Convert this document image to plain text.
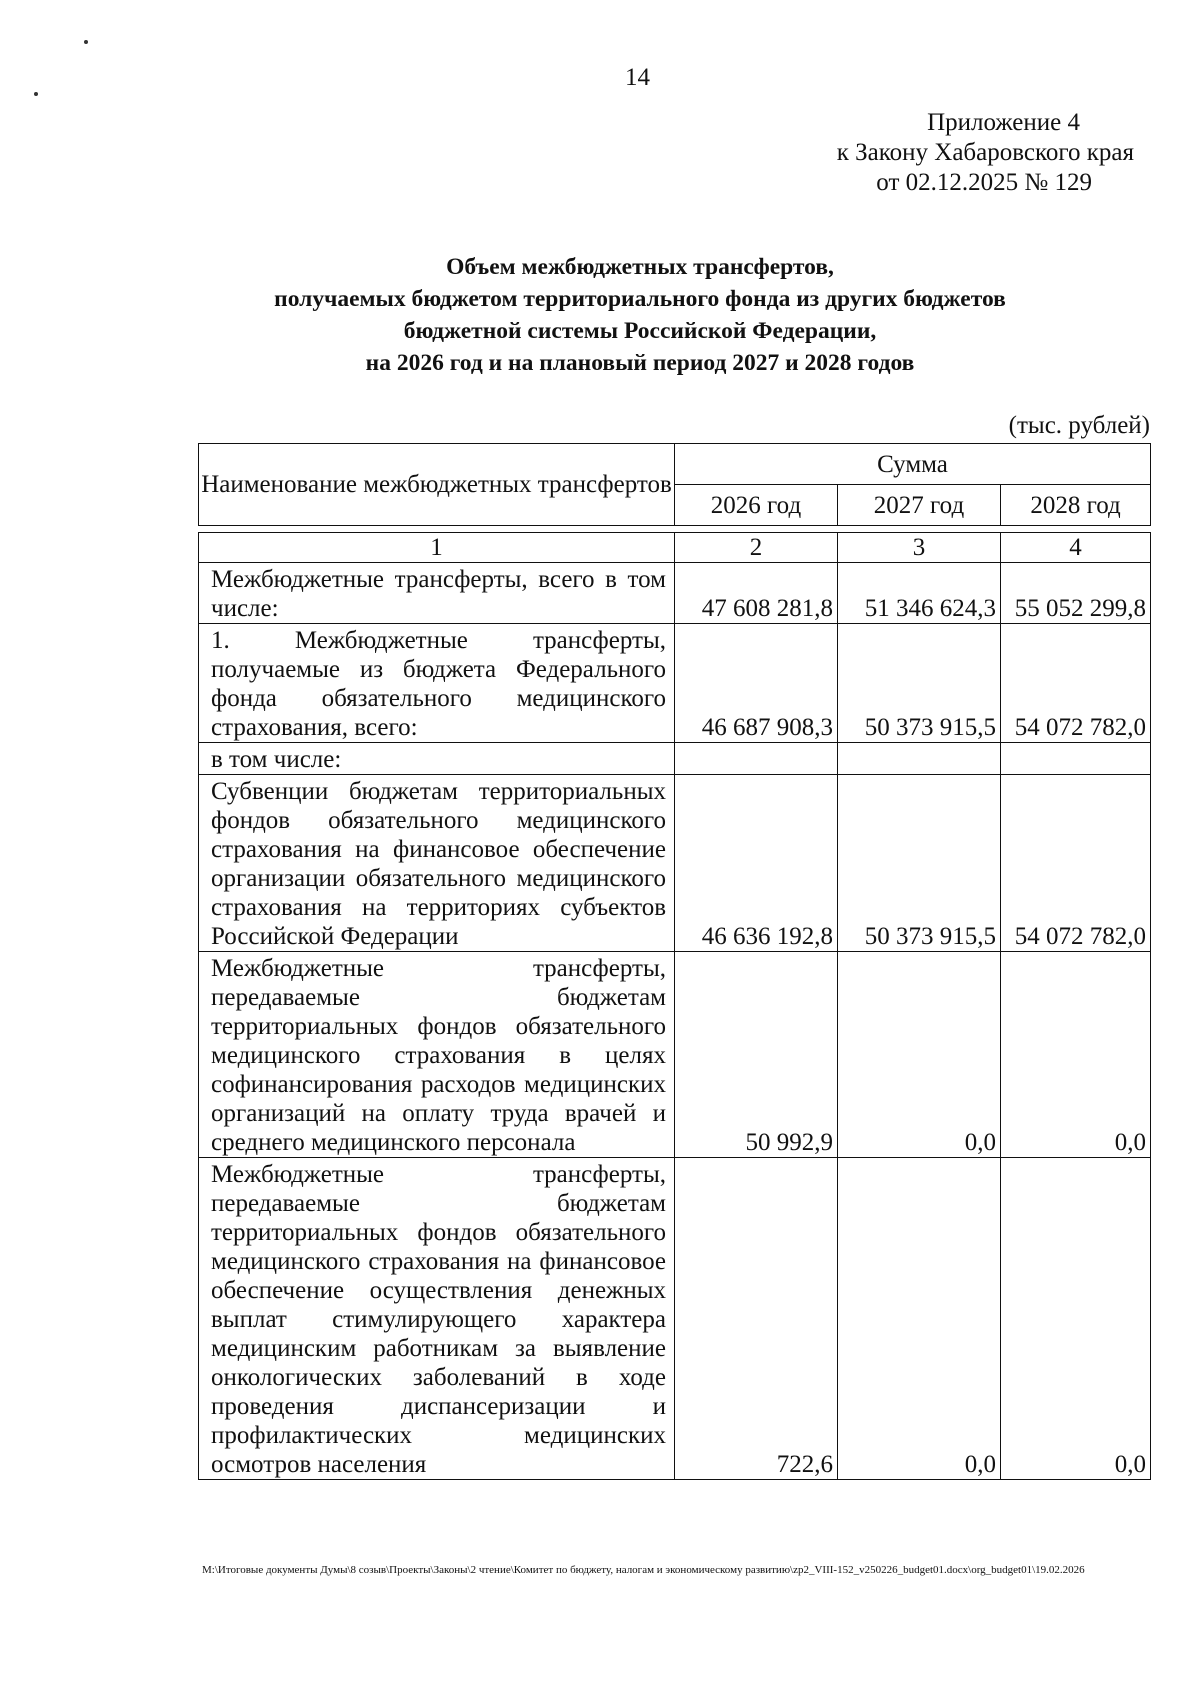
14
Приложение 4
к Закону Хабаровского края
от 02.12.2025 № 129
Объем межбюджетных трансфертов,
получаемых бюджетом территориального фонда из других бюджетов
бюджетной системы Российской Федерации,
на 2026 год и на плановый период 2027 и 2028 годов
(тыс. рублей)
Наименование межбюджетных трансфертов	Сумма		
	2026 год	2027 год	2028 год

1	2	3	4
Межбюджетные трансферты, всего в том числе:	47 608 281,8	51 346 624,3	55 052 299,8
1. Межбюджетные трансферты, получаемые из бюджета Федерального фонда обязательного медицинского страхования, всего:	46 687 908,3	50 373 915,5	54 072 782,0
в том числе:			
Субвенции бюджетам территориальных фондов обязательного медицинского страхования на финансовое обеспечение организации обязательного медицинского страхования на территориях субъектов Российской Федерации	46 636 192,8	50 373 915,5	54 072 782,0
Межбюджетные трансферты, передаваемые бюджетам территориальных фондов обязательного медицинского страхования в целях софинансирования расходов медицинских организаций на оплату труда врачей и среднего медицинского персонала	50 992,9	0,0	0,0
Межбюджетные трансферты, передаваемые бюджетам территориальных фондов обязательного медицинского страхования на финансовое обеспечение осуществления денежных выплат стимулирующего характера медицинским работникам за выявление онкологических заболеваний в ходе проведения диспансеризации и профилактических медицинских осмотров населения	722,6	0,0	0,0
M:\Итоговые документы Думы\8 созыв\Проекты\Законы\2 чтение\Комитет по бюджету, налогам и экономическому развитию\zp2_VIII-152_v250226_budget01.docx\org_budget01\19.02.2026
